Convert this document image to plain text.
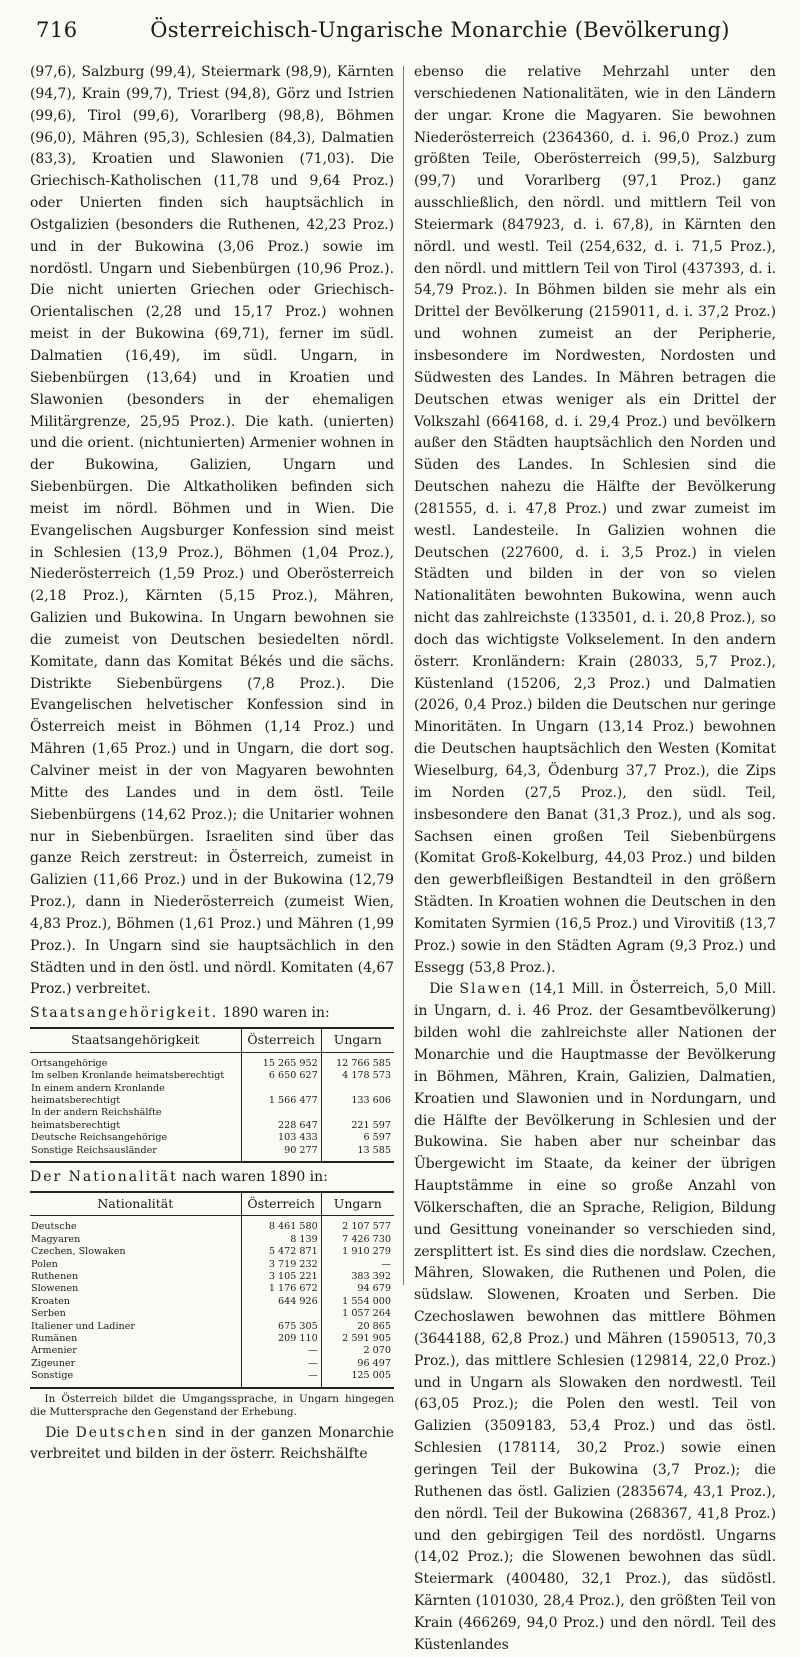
716	Österreichisch-Ungarische Monarchie (Bevölkerung)

(97,6), Salzburg (99,4), Steiermark (98,9), Kärnten (94,7), Krain (99,7), Triest (94,8), Görz und Istrien (99,6), Tirol (99,6), Vorarlberg (98,8), Böhmen (96,0), Mähren (95,3), Schlesien (84,3), Dalmatien (83,3), Kroatien und Slawonien (71,03). Die Griechisch-Katholischen (11,78 und 9,64 Proz.) oder Unierten finden sich hauptsächlich in Ostgalizien (besonders die Ruthenen, 42,23 Proz.) und in der Bukowina (3,06 Proz.) sowie im nordöstl. Ungarn und Siebenbürgen (10,96 Proz.). Die nicht unierten Griechen oder Griechisch-Orientalischen (2,28 und 15,17 Proz.) wohnen meist in der Bukowina (69,71), ferner im südl. Dalmatien (16,49), im südl. Ungarn, in Siebenbürgen (13,64) und in Kroatien und Slawonien (besonders in der ehemaligen Militärgrenze, 25,95 Proz.). Die kath. (unierten) und die orient. (nichtunierten) Armenier wohnen in der Bukowina, Galizien, Ungarn und Siebenbürgen. Die Altkatholiken befinden sich meist im nördl. Böhmen und in Wien. Die Evangelischen Augsburger Konfession sind meist in Schlesien (13,9 Proz.), Böhmen (1,04 Proz.), Niederösterreich (1,59 Proz.) und Oberösterreich (2,18 Proz.), Kärnten (5,15 Proz.), Mähren, Galizien und Bukowina. In Ungarn bewohnen sie die zumeist von Deutschen besiedelten nördl. Komitate, dann das Komitat Békés und die sächs. Distrikte Siebenbürgens (7,8 Proz.). Die Evangelischen helvetischer Konfession sind in Österreich meist in Böhmen (1,14 Proz.) und Mähren (1,65 Proz.) und in Ungarn, die dort sog. Calviner meist in der von Magyaren bewohnten Mitte des Landes und in dem östl. Teile Siebenbürgens (14,62 Proz.); die Unitarier wohnen nur in Siebenbürgen. Israeliten sind über das ganze Reich zerstreut: in Österreich, zumeist in Galizien (11,66 Proz.) und in der Bukowina (12,79 Proz.), dann in Niederösterreich (zumeist Wien, 4,83 Proz.), Böhmen (1,61 Proz.) und Mähren (1,99 Proz.). In Ungarn sind sie hauptsächlich in den Städten und in den östl. und nördl. Komitaten (4,67 Proz.) verbreitet.

Staatsangehörigkeit. 1890 waren in:
Staatsangehörigkeit	Österreich	Ungarn
Ortsangehörige	15 265 952	12 766 585
Im selben Kronlande heimatsberechtigt	6 650 627	4 178 573
In einem andern Kronlande heimatsberechtigt	1 566 477	133 606
In der andern Reichshälfte heimatsberechtigt	228 647	221 597
Deutsche Reichsangehörige	103 433	6 597
Sonstige Reichsausländer	90 277	13 585
Der Nationalität nach waren 1890 in:
Nationalität	Österreich	Ungarn
Deutsche	8 461 580	2 107 577
Magyaren	8 139	7 426 730
Czechen, Slowaken	5 472 871	1 910 279
Polen	3 719 232	—
Ruthenen	3 105 221	383 392
Slowenen	1 176 672	94 679
Kroaten	644 926	1 554 000
Serben		1 057 264
Italiener und Ladiner	675 305	20 865
Rumänen	209 110	2 591 905
Armenier	—	2 070
Zigeuner	—	96 497
Sonstige	—	125 005

In Österreich bildet die Umgangssprache, in Ungarn hingegen die Muttersprache den Gegenstand der Erhebung.

Die Deutschen sind in der ganzen Monarchie verbreitet und bilden in der österr. Reichshälfte

ebenso die relative Mehrzahl unter den verschiedenen Nationalitäten, wie in den Ländern der ungar. Krone die Magyaren. Sie bewohnen Niederösterreich (2364360, d. i. 96,0 Proz.) zum größten Teile, Oberösterreich (99,5), Salzburg (99,7) und Vorarlberg (97,1 Proz.) ganz ausschließlich, den nördl. und mittlern Teil von Steiermark (847923, d. i. 67,8), in Kärnten den nördl. und westl. Teil (254,632, d. i. 71,5 Proz.), den nördl. und mittlern Teil von Tirol (437393, d. i. 54,79 Proz.). In Böhmen bilden sie mehr als ein Drittel der Bevölkerung (2159011, d. i. 37,2 Proz.) und wohnen zumeist an der Peripherie, insbesondere im Nordwesten, Nordosten und Südwesten des Landes. In Mähren betragen die Deutschen etwas weniger als ein Drittel der Volkszahl (664168, d. i. 29,4 Proz.) und bevölkern außer den Städten hauptsächlich den Norden und Süden des Landes. In Schlesien sind die Deutschen nahezu die Hälfte der Bevölkerung (281555, d. i. 47,8 Proz.) und zwar zumeist im westl. Landesteile. In Galizien wohnen die Deutschen (227600, d. i. 3,5 Proz.) in vielen Städten und bilden in der von so vielen Nationalitäten bewohnten Bukowina, wenn auch nicht das zahlreichste (133501, d. i. 20,8 Proz.), so doch das wichtigste Volkselement. In den andern österr. Kronländern: Krain (28033, 5,7 Proz.), Küstenland (15206, 2,3 Proz.) und Dalmatien (2026, 0,4 Proz.) bilden die Deutschen nur geringe Minoritäten. In Ungarn (13,14 Proz.) bewohnen die Deutschen hauptsächlich den Westen (Komitat Wieselburg, 64,3, Ödenburg 37,7 Proz.), die Zips im Norden (27,5 Proz.), den südl. Teil, insbesondere den Banat (31,3 Proz.), und als sog. Sachsen einen großen Teil Siebenbürgens (Komitat Groß-Kokelburg, 44,03 Proz.) und bilden den gewerbfleißigen Bestandteil in den größern Städten. In Kroatien wohnen die Deutschen in den Komitaten Syrmien (16,5 Proz.) und Virovitiß (13,7 Proz.) sowie in den Städten Agram (9,3 Proz.) und Essegg (53,8 Proz.).

Die Slawen (14,1 Mill. in Österreich, 5,0 Mill. in Ungarn, d. i. 46 Proz. der Gesamtbevölkerung) bilden wohl die zahlreichste aller Nationen der Monarchie und die Hauptmasse der Bevölkerung in Böhmen, Mähren, Krain, Galizien, Dalmatien, Kroatien und Slawonien und in Nordungarn, und die Hälfte der Bevölkerung in Schlesien und der Bukowina. Sie haben aber nur scheinbar das Übergewicht im Staate, da keiner der übrigen Hauptstämme in eine so große Anzahl von Völkerschaften, die an Sprache, Religion, Bildung und Gesittung voneinander so verschieden sind, zersplittert ist. Es sind dies die nordslaw. Czechen, Mähren, Slowaken, die Ruthenen und Polen, die südslaw. Slowenen, Kroaten und Serben. Die Czechoslawen bewohnen das mittlere Böhmen (3644188, 62,8 Proz.) und Mähren (1590513, 70,3 Proz.), das mittlere Schlesien (129814, 22,0 Proz.) und in Ungarn als Slowaken den nordwestl. Teil (63,05 Proz.); die Polen den westl. Teil von Galizien (3509183, 53,4 Proz.) und das östl. Schlesien (178114, 30,2 Proz.) sowie einen geringen Teil der Bukowina (3,7 Proz.); die Ruthenen das östl. Galizien (2835674, 43,1 Proz.), den nördl. Teil der Bukowina (268367, 41,8 Proz.) und den gebirgigen Teil des nordöstl. Ungarns (14,02 Proz.); die Slowenen bewohnen das südl. Steiermark (400480, 32,1 Proz.), das südöstl. Kärnten (101030, 28,4 Proz.), den größten Teil von Krain (466269, 94,0 Proz.) und den nördl. Teil des Küstenlandes
